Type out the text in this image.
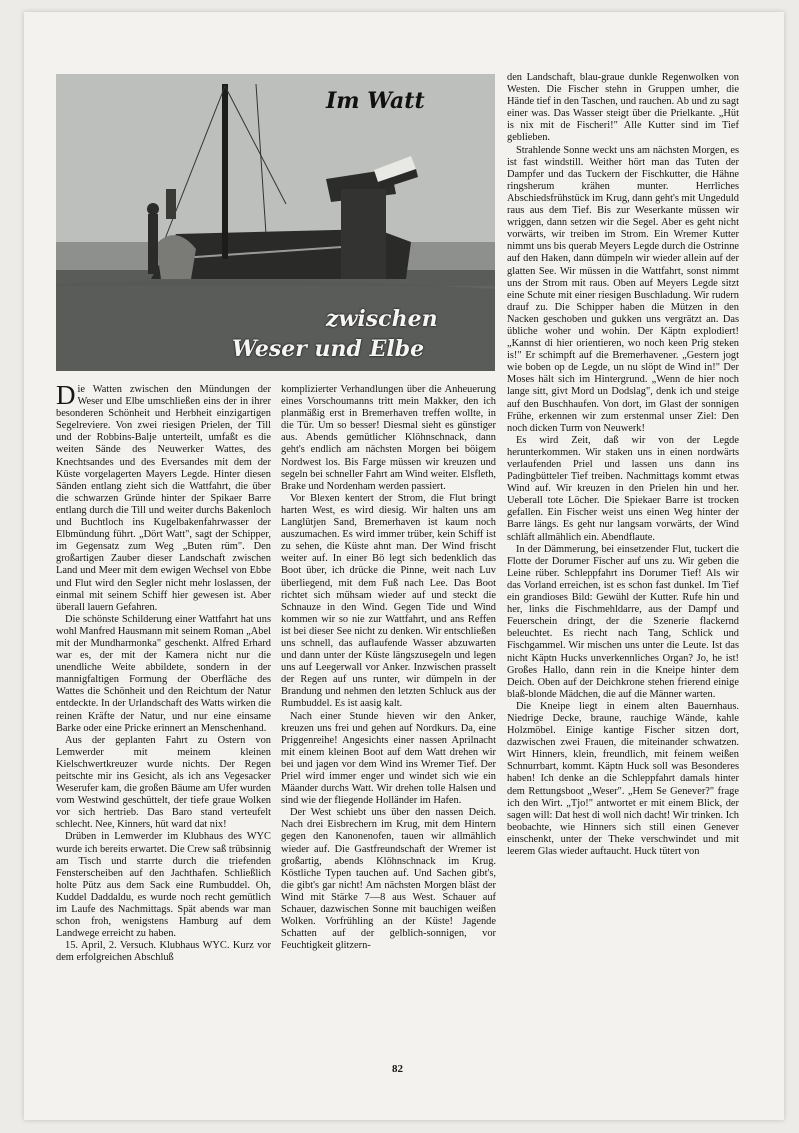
Im Watt
zwischen
Weser und Elbe

Die Watten zwischen den Mündungen der Weser und Elbe umschließen eins der in ihrer besonderen Schönheit und Herbheit einzigartigen Segelreviere. Von zwei riesigen Prielen, der Till und der Robbins-Balje unterteilt, umfaßt es die weiten Sände des Neuwerker Wattes, des Knechtsandes und des Eversandes mit dem der Küste vorgelagerten Mayers Legde. Hinter diesen Sänden entlang zieht sich die Wattfahrt, die über die schwarzen Gründe hinter der Spikaer Barre entlang durch die Till und weiter durchs Bakenloch und Buchtloch ins Kugelbakenfahrwasser der Elbmündung führt. „Dört Watt", sagt der Schipper, im Gegensatz zum Weg „Buten rüm". Den großartigen Zauber dieser Landschaft zwischen Land und Meer mit dem ewigen Wechsel von Ebbe und Flut wird den Segler nicht mehr loslassen, der einmal mit seinem Schiff hier gewesen ist. Aber überall lauern Gefahren.

Die schönste Schilderung einer Wattfahrt hat uns wohl Manfred Hausmann mit seinem Roman „Abel mit der Mundharmonka" geschenkt. Alfred Erhard war es, der mit der Kamera nicht nur die unendliche Weite abbildete, sondern in der mannigfaltigen Formung der Oberfläche des Wattes die Schönheit und den Reichtum der Natur entdeckte. In der Urlandschaft des Watts wirken die reinen Kräfte der Natur, und nur eine einsame Barke oder eine Pricke erinnert an Menschenhand.

Aus der geplanten Fahrt zu Ostern von Lemwerder mit meinem kleinen Kielschwertkreuzer wurde nichts. Der Regen peitschte mir ins Gesicht, als ich ans Vegesacker Weserufer kam, die großen Bäume am Ufer wurden vom Westwind geschüttelt, der tiefe graue Wolken vor sich hertrieb. Das Baro stand verteufelt schlecht. Nee, Kinners, hüt ward dat nix!

Drüben in Lemwerder im Klubhaus des WYC wurde ich bereits erwartet. Die Crew saß trübsinnig am Tisch und starrte durch die triefenden Fensterscheiben auf den Jachthafen. Schließlich holte Pütz aus dem Sack eine Rumbuddel. Oh, Kuddel Daddaldu, es wurde noch recht gemütlich im Laufe des Nachmittags. Spät abends war man schon froh, wenigstens Hamburg auf dem Landwege erreicht zu haben.

15. April, 2. Versuch. Klubhaus WYC. Kurz vor dem erfolgreichen Abschluß

komplizierter Verhandlungen über die Anheuerung eines Vorschoumanns tritt mein Makker, den ich planmäßig erst in Bremerhaven treffen wollte, in die Tür. Um so besser! Diesmal sieht es günstiger aus. Abends gemütlicher Klöhnschnack, dann geht's endlich am nächsten Morgen bei böigem Nordwest los. Bis Farge müssen wir kreuzen und segeln bei schneller Fahrt am Wind weiter. Elsfleth, Brake und Nordenham werden passiert.

Vor Blexen kentert der Strom, die Flut bringt harten West, es wird diesig. Wir halten uns am Langlütjen Sand, Bremerhaven ist kaum noch auszumachen. Es wird immer trüber, kein Schiff ist zu sehen, die Küste ahnt man. Der Wind frischt weiter auf. In einer Bö legt sich bedenklich das Boot über, ich drücke die Pinne, weit nach Luv überliegend, mit dem Fuß nach Lee. Das Boot richtet sich mühsam wieder auf und steckt die Schnauze in den Wind. Gegen Tide und Wind kommen wir so nie zur Wattfahrt, und ans Reffen ist bei dieser See nicht zu denken. Wir entschließen uns schnell, das auflaufende Wasser abzuwarten und dann unter der Küste längszusegeln und legen uns auf Leegerwall vor Anker. Inzwischen prasselt der Regen auf uns runter, wir dümpeln in der Brandung und nehmen den letzten Schluck aus der Rumbuddel. Es ist aasig kalt.

Nach einer Stunde hieven wir den Anker, kreuzen uns frei und gehen auf Nordkurs. Da, eine Priggenreihe! Angesichts einer nassen Aprilnacht mit einem kleinen Boot auf dem Watt drehen wir bei und jagen vor dem Wind ins Wremer Tief. Der Priel wird immer enger und windet sich wie ein Mäander durchs Watt. Wir drehen tolle Halsen und sind wie der fliegende Holländer im Hafen.

Der West schiebt uns über den nassen Deich. Nach drei Eisbrechern im Krug, mit dem Hintern gegen den Kanonenofen, tauen wir allmählich wieder auf. Die Gastfreundschaft der Wremer ist großartig, abends Klöhnschnack im Krug. Köstliche Typen tauchen auf. Und Sachen gibt's, die gibt's gar nicht! Am nächsten Morgen bläst der Wind mit Stärke 7—8 aus West. Schauer auf Schauer, dazwischen Sonne mit bauchigen weißen Wolken. Vorfrühling an der Küste! Jagende Schatten auf der gelblich-sonnigen, vor Feuchtigkeit glitzern-

den Landschaft, blau-graue dunkle Regenwolken von Westen. Die Fischer stehn in Gruppen umher, die Hände tief in den Taschen, und rauchen. Ab und zu sagt einer was. Das Wasser steigt über die Prielkante. „Hüt is nix mit de Fischeri!" Alle Kutter sind im Tief geblieben.

Strahlende Sonne weckt uns am nächsten Morgen, es ist fast windstill. Weither hört man das Tuten der Dampfer und das Tuckern der Fischkutter, die Hähne ringsherum krähen munter. Herrliches Abschiedsfrühstück im Krug, dann geht's mit Ungeduld raus aus dem Tief. Bis zur Weserkante müssen wir wriggen, dann setzen wir die Segel. Aber es geht nicht vorwärts, wir treiben im Strom. Ein Wremer Kutter nimmt uns bis querab Meyers Legde durch die Ostrinne auf den Haken, dann dümpeln wir wieder allein auf der glatten See. Wir müssen in die Wattfahrt, sonst nimmt uns der Strom mit raus. Oben auf Meyers Legde sitzt eine Schute mit einer riesigen Buschladung. Wir rudern drauf zu. Die Schipper haben die Mützen in den Nacken geschoben und gukken uns vergrätzt an. Das übliche woher und wohin. Der Käptn explodiert! „Kannst di hier orientieren, wo noch keen Prig steken is!" Er schimpft auf die Bremerhavener. „Gestern jogt wie boben op de Legde, un nu slöpt de Wind in!" Der Moses hält sich im Hintergrund. „Wenn de hier noch lange sitt, givt Mord un Dodslag", denk ich und steige auf den Buschhaufen. Von dort, im Glast der sonnigen Frühe, erkennen wir zum erstenmal unser Ziel: Den noch dicken Turm von Neuwerk!

Es wird Zeit, daß wir von der Legde herunterkommen. Wir staken uns in einen nordwärts verlaufenden Priel und lassen uns dann ins Padingbütteler Tief treiben. Nachmittags kommt etwas Wind auf. Wir kreuzen in den Prielen hin und her. Ueberall tote Löcher. Die Spiekaer Barre ist trocken gefallen. Ein Fischer weist uns einen Weg hinter der Barre längs. Es geht nur langsam vorwärts, der Wind schläft allmählich ein. Abendflaute.

In der Dämmerung, bei einsetzender Flut, tuckert die Flotte der Dorumer Fischer auf uns zu. Wir geben die Leine rüber. Schleppfahrt ins Dorumer Tief! Als wir das Vorland erreichen, ist es schon fast dunkel. Im Tief ein grandioses Bild: Gewühl der Kutter. Rufe hin und her, links die Fischmehldarre, aus der Dampf und Feuerschein dringt, der die Szenerie flackernd beleuchtet. Es riecht nach Tang, Schlick und Fischgammel. Wir mischen uns unter die Leute. Ist das nicht Käptn Hucks unverkennliches Organ? Jo, he ist! Großes Hallo, dann rein in die Kneipe hinter dem Deich. Oben auf der Deichkrone stehen frierend einige blaß-blonde Mädchen, die auf die Männer warten.

Die Kneipe liegt in einem alten Bauernhaus. Niedrige Decke, braune, rauchige Wände, kahle Holzmöbel. Einige kantige Fischer sitzen dort, dazwischen zwei Frauen, die miteinander schwatzen. Wirt Hinners, klein, freundlich, mit feinem weißen Schnurrbart, kommt. Käptn Huck soll was Besonderes haben! Ich denke an die Schleppfahrt damals hinter dem Rettungsboot „Weser". „Hem Se Genever?" frage ich den Wirt. „Tjo!" antwortet er mit einem Blick, der sagen will: Dat hest di woll nich dacht! Wir trinken. Ich beobachte, wie Hinners sich still einen Genever einschenkt, unter der Theke verschwindet und mit leerem Glas wieder auftaucht. Huck tütert von

82
